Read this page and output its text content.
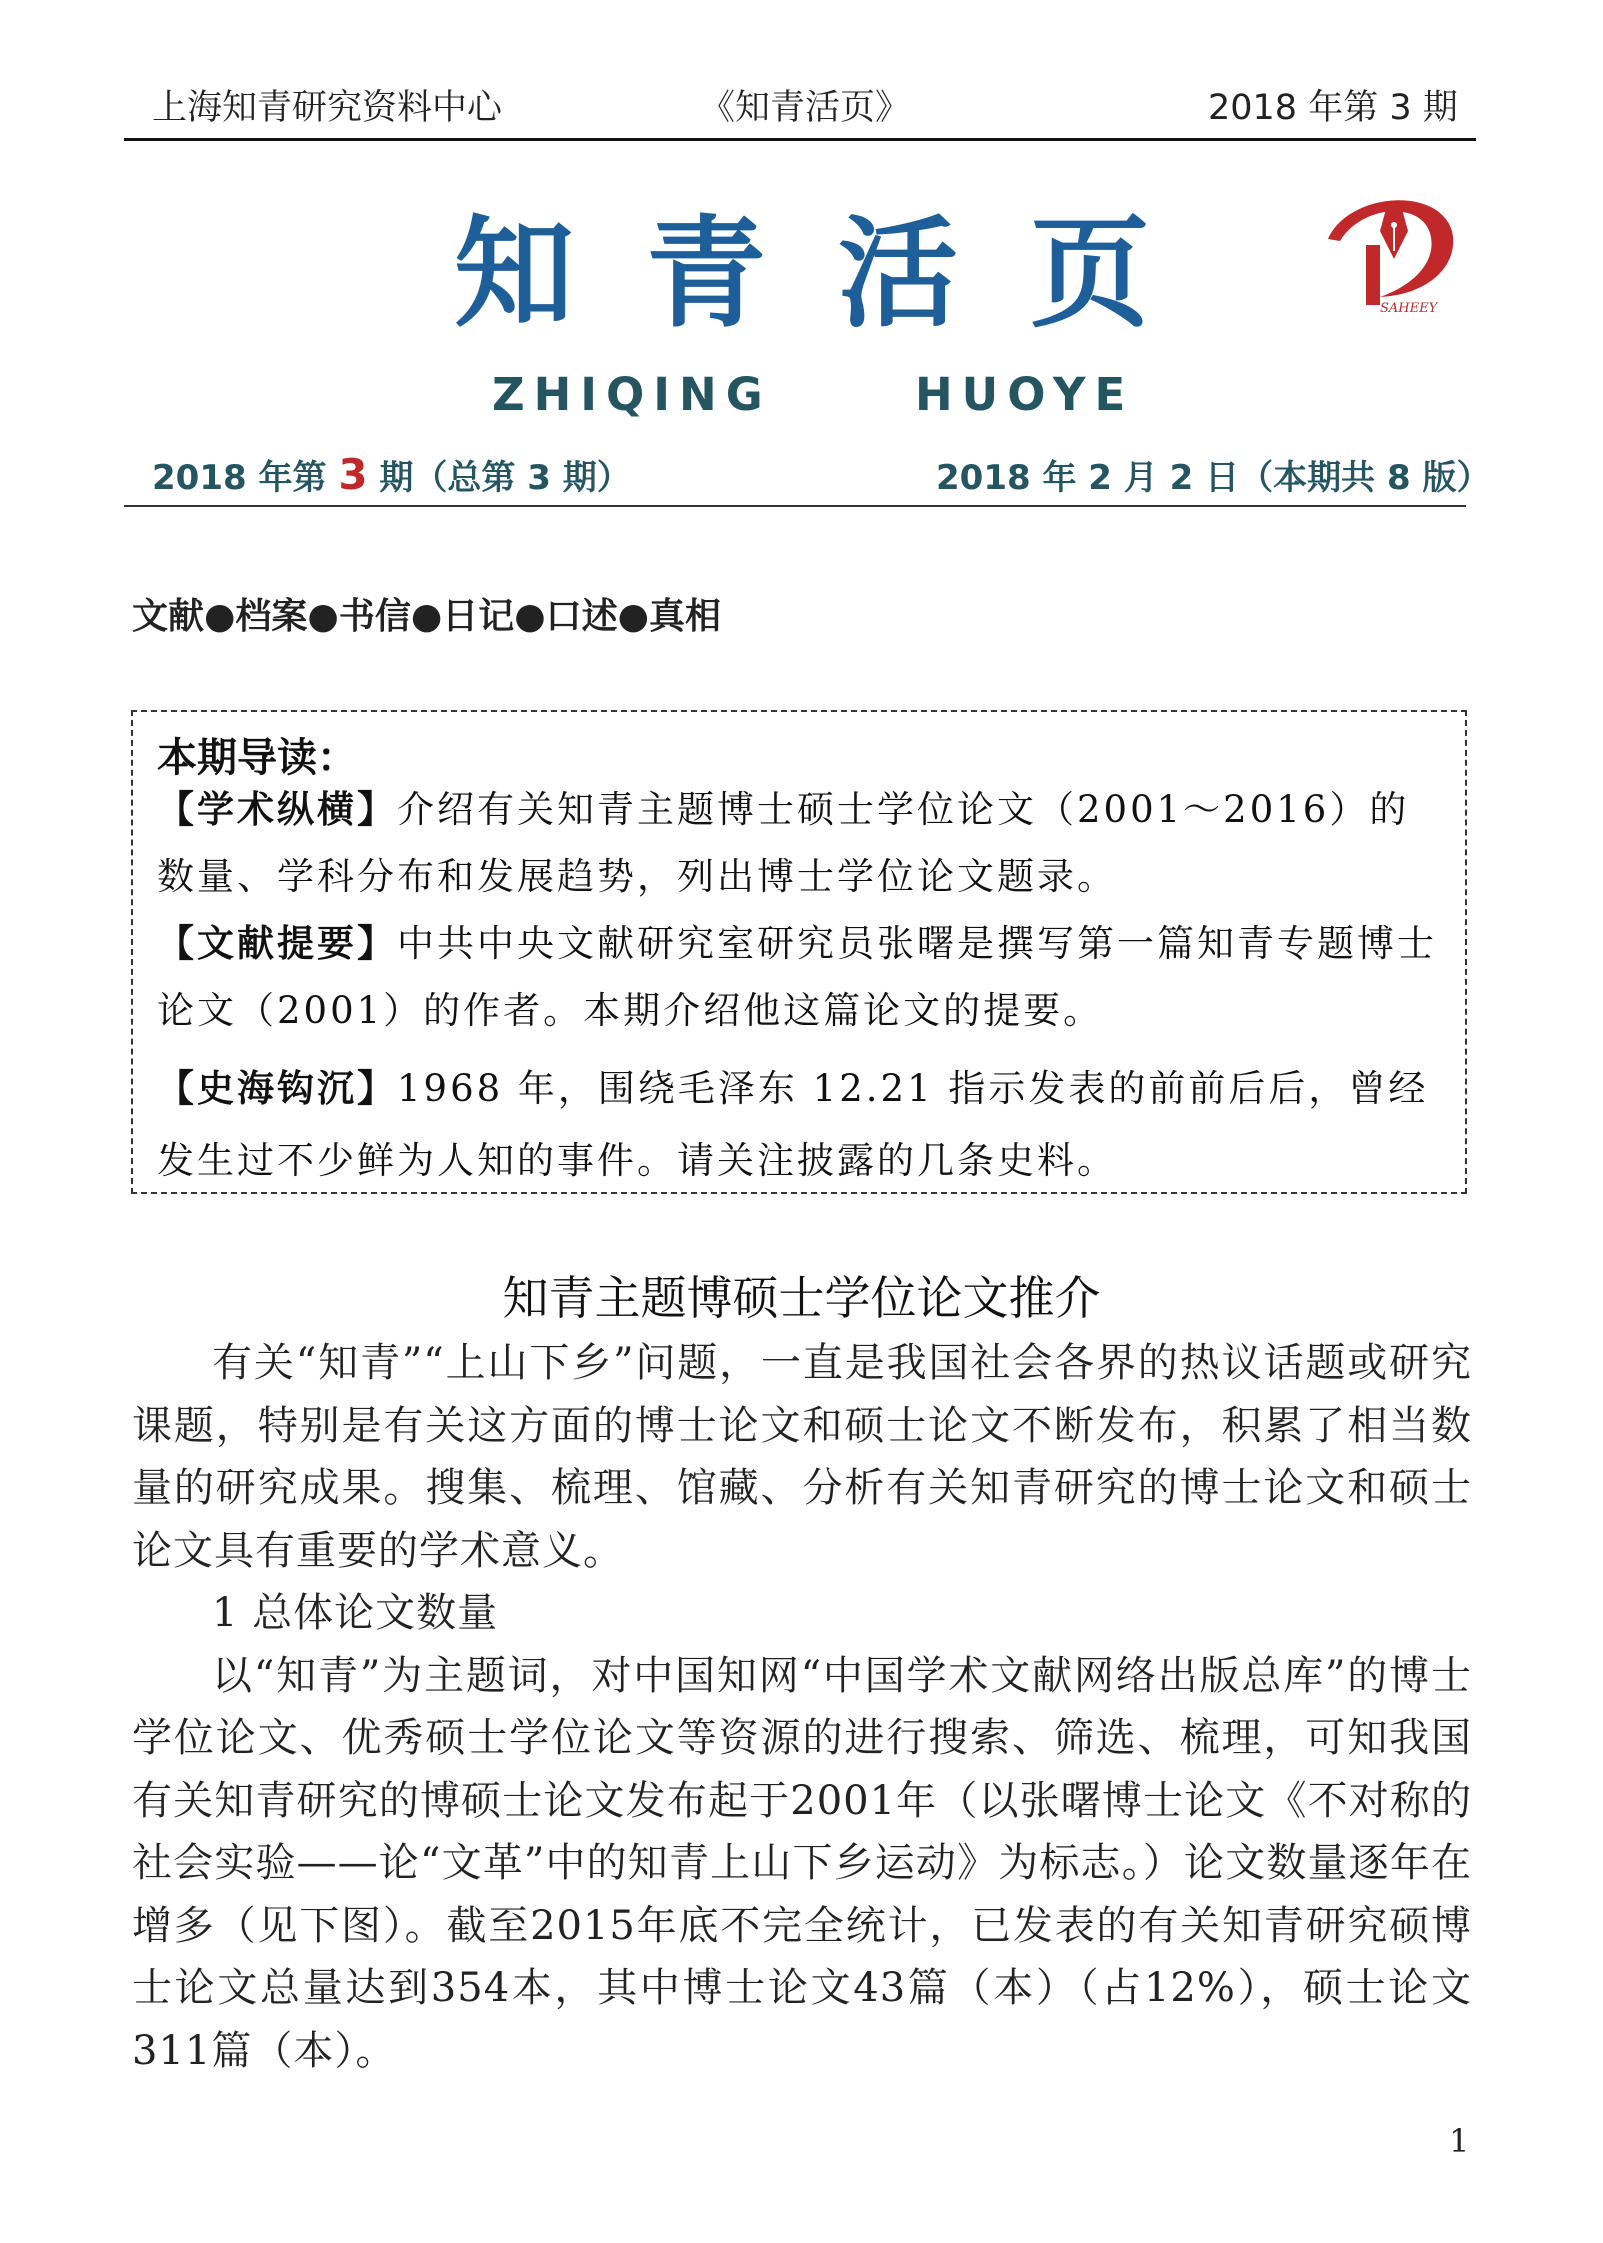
上海知青研究资料中心	《知青活页》	2018 年第 3 期
知 青 活 页
ZHIQING	HUOYE
SAHEEY
2018 年第 3 期（总第 3 期）	2018 年 2 月 2 日（本期共 8 版）
文献●档案●书信●日记●口述●真相
本期导读：
【学术纵横】介绍有关知青主题博士硕士学位论文（2001～2016）的数量、学科分布和发展趋势，列出博士学位论文题录。
【文献提要】中共中央文献研究室研究员张曙是撰写第一篇知青专题博士论文（2001）的作者。本期介绍他这篇论文的提要。
【史海钩沉】1968 年，围绕毛泽东 12.21 指示发表的前前后后，曾经发生过不少鲜为人知的事件。请关注披露的几条史料。
知青主题博硕士学位论文推介

有关“知青”“上山下乡”问题，一直是我国社会各界的热议话题或研究课题，特别是有关这方面的博士论文和硕士论文不断发布，积累了相当数量的研究成果。搜集、梳理、馆藏、分析有关知青研究的博士论文和硕士论文具有重要的学术意义。

1 总体论文数量

以“知青”为主题词，对中国知网“中国学术文献网络出版总库”的博士学位论文、优秀硕士学位论文等资源的进行搜索、筛选、梳理，可知我国有关知青研究的博硕士论文发布起于2001年（以张曙博士论文《不对称的社会实验——论“文革”中的知青上山下乡运动》为标志。）论文数量逐年在增多（见下图）。截至2015年底不完全统计，已发表的有关知青研究硕博士论文总量达到354本，其中博士论文43篇（本）（占12%），硕士论文311篇（本）。

1
